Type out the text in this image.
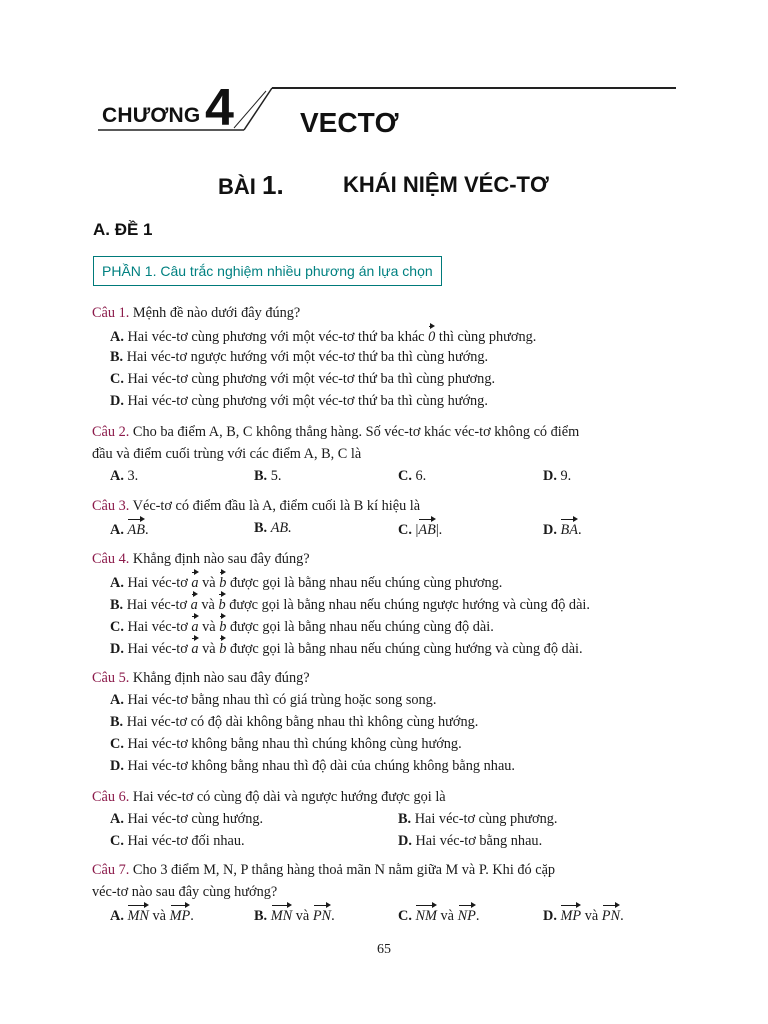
CHƯƠNG 4 VECTƠ
BÀI 1.	KHÁI NIỆM VÉC-TƠ
A. ĐỀ 1
PHẦN 1. Câu trắc nghiệm nhiều phương án lựa chọn
Câu 1. Mệnh đề nào dưới đây đúng?
A. Hai véc-tơ cùng phương với một véc-tơ thứ ba khác 0 thì cùng phương.
B. Hai véc-tơ ngược hướng với một véc-tơ thứ ba thì cùng hướng.
C. Hai véc-tơ cùng phương với một véc-tơ thứ ba thì cùng phương.
D. Hai véc-tơ cùng phương với một véc-tơ thứ ba thì cùng hướng.
Câu 2. Cho ba điểm A, B, C không thẳng hàng. Số véc-tơ khác véc-tơ không có điểm
đầu và điểm cuối trùng với các điểm A, B, C là
A. 3.	B. 5.	C. 6.	D. 9.
Câu 3. Véc-tơ có điểm đầu là A, điểm cuối là B kí hiệu là
A. AB.	B. AB.	C. |AB|.	D. BA.
Câu 4. Khẳng định nào sau đây đúng?
A. Hai véc-tơ a và b được gọi là bằng nhau nếu chúng cùng phương.
B. Hai véc-tơ a và b được gọi là bằng nhau nếu chúng ngược hướng và cùng độ dài.
C. Hai véc-tơ a và b được gọi là bằng nhau nếu chúng cùng độ dài.
D. Hai véc-tơ a và b được gọi là bằng nhau nếu chúng cùng hướng và cùng độ dài.
Câu 5. Khẳng định nào sau đây đúng?
A. Hai véc-tơ bằng nhau thì có giá trùng hoặc song song.
B. Hai véc-tơ có độ dài không bằng nhau thì không cùng hướng.
C. Hai véc-tơ không bằng nhau thì chúng không cùng hướng.
D. Hai véc-tơ không bằng nhau thì độ dài của chúng không bằng nhau.
Câu 6. Hai véc-tơ có cùng độ dài và ngược hướng được gọi là
A. Hai véc-tơ cùng hướng.	B. Hai véc-tơ cùng phương.
C. Hai véc-tơ đối nhau.	D. Hai véc-tơ bằng nhau.
Câu 7. Cho 3 điểm M, N, P thẳng hàng thoả mãn N nằm giữa M và P. Khi đó cặp
véc-tơ nào sau đây cùng hướng?
A. MN và MP.	B. MN và PN.	C. NM và NP.	D. MP và PN.
65
